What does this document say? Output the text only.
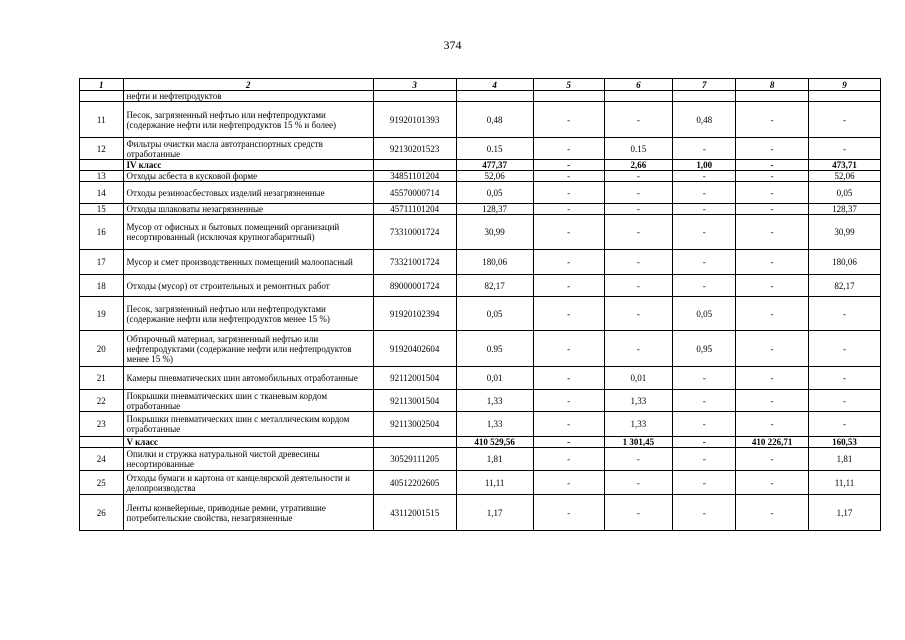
374
1	2	3	4	5	6	7	8	9
	нефти и нефтепродуктов							
11	Песок, загрязненный нефтью или нефтепродуктами (содержание нефти или нефтепродуктов 15 % и более)	91920101393	0,48	-	-	0,48	-	-
12	Фильтры очистки масла автотранспортных средств отработанные	92130201523	0.15	-	0.15	-	-	-
	IV класс		477,37	-	2,66	1,00	-	473,71
13	Отходы асбеста в кусковой форме	34851101204	52,06	-	-	-	-	52,06
14	Отходы резиноасбестовых изделий незагрязненные	45570000714	0,05	-	-	-	-	0,05
15	Отходы шлаковаты незагрязненные	45711101204	128,37	-	-	-	-	128,37
16	Мусор от офисных и бытовых помещений организаций несортированный (исключая крупногабаритный)	73310001724	30,99	-	-	-	-	30,99
17	Мусор и смет производственных помещений малоопасный	73321001724	180,06	-	-	-	-	180,06
18	Отходы (мусор) от строительных и ремонтных работ	89000001724	82,17	-	-	-	-	82,17
19	Песок, загрязненный нефтью или нефтепродуктами (содержание нефти или нефтепродуктов менее 15 %)	91920102394	0,05	-	-	0,05	-	-
20	Обтирочный материал, загрязненный нефтью или нефтепродуктами (содержание нефти или нефтепродуктов менее 15 %)	91920402604	0.95	-	-	0,95	-	-
21	Камеры пневматических шин автомобильных отработанные	92112001504	0,01	-	0,01	-	-	-
22	Покрышки пневматических шин с тканевым кордом отработанные	92113001504	1,33	-	1,33	-	-	-
23	Покрышки пневматических шин с металлическим кордом отработанные	92113002504	1,33	-	1,33	-	-	-
	V класс		410 529,56	-	1 301,45	-	410 226,71	160,53
24	Опилки и стружка натуральной чистой древесины несортированные	30529111205	1,81	-	-	-	-	1,81
25	Отходы бумаги и картона от канцелярской деятельности и делопроизводства	40512202605	11,11	-	-	-	-	11,11
26	Ленты конвейерные, приводные ремни, утратившие потребительские свойства, незагрязненные	43112001515	1,17	-	-	-	-	1,17
